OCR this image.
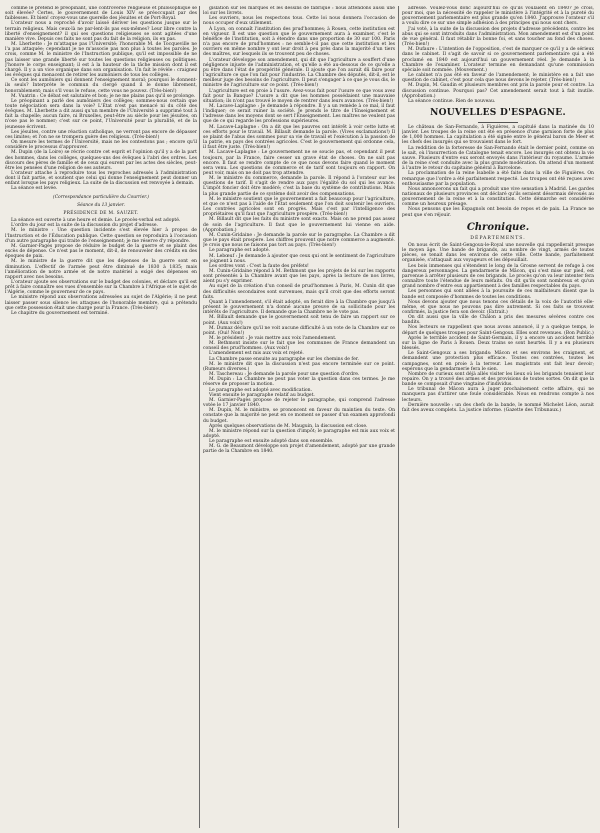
comme le prétend le préopinant, une controverse religieuse et philosophique se soit élevée? Certes, le gouvernement de Louis XIV se préoccupait par des faiblesses. Et bien! croyez-vous une querelle des jésuites et de Port-Royal.

L'orateur nous a reproché d'avoir laissé dériver les questions jusque sur le terrain religieux. Mais ceux-là ne par-lent-ils pas eux-mêmes? Leur libre contre la liberté d'enseignement? il qui ses questions religieuses se sont agitées d'une manière vive. Depuis ces faits ne sont pas du fait de la religion, ils en pas.

M. Lherbette : Je m'attaque pas l'Université; l'honorable M. de Tocqueville ne l'a pas attaquée; cependant je ne m'associe pas non plus à toutes les paroles. Je crois, comme M. le ministre de l'Instruction publique, qu'il est impossible de ne pas laisser une grande liberté sur toutes les questions religieuses ou politiques. J'honore le corps enseignant; il est à la hauteur de la tâche mission dont il est chargé. Il y a un vice organique dans son organisation. Un fait le révèle : craignez les évêques qui menacent de retirer les aumôniers de tous les collèges.

Ce sont les aumôniers qui donnent l'enseignement moral; pourquoi le donnent-ils seuls? Interprète le commun du clergé quand il le donne librement, honorablement; mais s'il vous le refuse, cette vous ne pouvez. (Très-bien!)

M. Vuatrin : Ce débat est salutaire et bon; je ne me plains pas qu'il se prolonge.

Le préopinant a parlé des aumôniers des collèges; sommes-nous certain que toute négociation sera dans la voie? L'État n'est pas menacé ni du côté des évêques. M. Lherbette a dit aussi qu'un membre de l'Université a supprimé tout à fait la chapelle; aucun faire, ni Bruxelles, peut-être au siècle pour les jésuites, on n'ose pas le nommer; c'est sur ce point, l'Université pour la pluralité, et de la jeunesse écrivent.

Les jésuites, contre une réaction catholique, ne verront pas encore de dépasser ces limites; et l'on ne se trompera guère des religieux. (Très-bien!)

On mesure les termes de l'Université, mais ne les contestons pas ; encore qu'il considère le processus d'approuver.

M. Dupin (de la Loire) se récrie contre cet esprit et l'opinion qu'il y a de la part des hommes, dans les collèges, quelques-uns des évêques à l'abri des ordres. Les discours des pères de famille et de ceux qui eurent par les actes des siècles, peut-être les pensées d'une religion de ses auteurs.

L'orateur attache à reproduire tous les reproches adressés à l'administration dont il fait partie, et soutient que celui qui donne l'enseignement peut donner un enfant lorsque les pays religieux. La suite de la discussion est renvoyée à demain.

La séance est levée.

(Correspondance particulière du Courrier.)

Séance du 13 janvier.

PRÉSIDENCE DE M. SAUZET.

La séance est ouverte à une heure et demie. Le procès-verbal est adopté.

L'ordre du jour est la suite de la discussion du projet d'adresse.

M. le ministre : Une question incidente s'est élevée hier à propos de l'Instruction et de l'Éducation publique. Cette question se reproduira à l'occasion d'un autre paragraphe qui traite de l'enseignement; je me réserve d'y répondre.

M. Garnier-Pagès propose de réduire le budget de la guerre et se plaint des excès de dépense. Ce n'est pas le moment, dit-il, de renouveler des crédits en des époques de paix.

M. le ministre de la guerre dit que les dépenses de la guerre sont en diminution. L'effectif de l'armée peut être diminué de 1830 à 1835; mais l'amélioration de notre armée et de notre matériel a exigé des dépenses en rapport avec nos besoins.

L'orateur ajoute ses observations sur le budget des colonies, et déclare qu'il est prêt à faire connaître ses vues d'ensemble sur la Chambre à l'Afrique et le sujet de l'Algérie, comme le gouverneur de ce pays.

Le ministre répond aux observations adressées au sujet de l'Algérie; il ne peut laisser passer sous silence les attaques de l'honorable membre, qui a prétendu que cette possession était une charge pour la France. (Très-bien!)

Le chapitre du gouvernement est terminé.

gislation sur les marques et les dessins de fabrique : nous attendons aussi une loi sur les livrets.

Les ouvriers, nous les respectons tous. Cette loi nous donnera l'occasion de nous occuper d'eux utilement.

À Lyon, on connaît l'institution des prud'hommes; à Rouen, cette institution est en vigueur. Il est une question que le gouvernement aura à examiner, c'est le bénéfice de l'institution, soit à étendre dans une proportion de 30 sur 100. Paris n'a pas encore de prud'hommes : ne semble-t-il pas que cette institution et les ouvriers en même nombre y ont leur droit à peu près dans la majorité d'un tiers des maîtres, sur lesquels ils se trouvent peu de choses.

L'orateur développe son amendement, qui dit que l'agriculture a souffert d'une négligence injuste de l'administration, et qu'elle a été au-dessous de ce qu'elle a pu être dans l'état de prospérité générale. Il ajoute que l'on aurait dû faire pour l'agriculture ce que l'on fait pour l'industrie. La Chambre des députés, dit-il, est le meilleur juge des besoins de l'agriculture. Il peut s'engager à ce que je vous dis, le ministre de l'agriculture sur ce point. (Très-bien!)

L'agriculture est en proie à l'usure. Avez-vous fait pour l'usure ce que vous avez fait pour la Banque? L'usure a dit que les hommes possédaient une mauvaise situation; ils n'ont pas trouvé le moyen de rentrer dans leurs avances. (Très-bien!)

M. Lacave-Laplagne : Je demande à répondre. Il y a un remède à ce mal, il faut l'indiquer; ce serait ruiner la société. Je prends le titre de l'Enseignement et l'adresse dans les moyens dont se sert l'Enseignement. Les maîtres ne veulent pas que de ce qui regarde les professions supérieures.

M. Lacave-Laplagne : On a dit que les pauvres ont intérêt à voir cette lutte et ces efforts pour le travail. M. Billault demande la parole. (Vives exclamations!) Il se plaint de l'abus des sommes pour sa vie de travail et l'exécution à la passion de la patrie, en pays des contrées agricoles. C'est le gouvernement qui ordonne cela, il faut être juste. (Très-bien!)

M. Lacave-Laplagne : Le gouvernement ne se soucie pas, et cependant il peut toujours, par la France, faire cesser un grave état de choses. On ne sait pas encore. Il faut se rendre compte de ce que nous devons faire quand le moment sera venu. Les questions de commerce et de tarif sont toujours en rapport. On peut voir, mais on ne doit pas trop attendre.

M. le ministre du commerce, demande la parole. Il répond à l'orateur sur les questions de tarif. Il s'agit de rendre aux pays l'égalité du sol qui les avance. L'impôt foncier doit être modéré; c'est la base du système de contributions. Mais la plus grande partie de ce système doit avoir des compensations.

M. le ministre soutient que le gouvernement a fait beaucoup pour l'agriculture, et que ce n'est pas à l'aide de l'État seulement que l'on doit soutenir les ouvriers. Les contrées agricoles sont en progrès. Mais c'est par l'intelligence des propriétaires qu'il faut que l'agriculture prospère. (Très-bien!)

M. Billault dit que les faits du ministre sont exacts. Mais on ne prend pas assez de soin de l'agriculture. Il faut que le gouvernement lui vienne en aide. (Approbation.)

M. Cunin-Gridaine : Je demande la parole sur le paragraphe. La Chambre a dit que le pays était prospère. Les chiffres prouvent que notre commerce a augmenté. Je crois que nous ne faisons pas tort au pays. (Très-bien!)

Le paragraphe est adopté.

M. Lebœuf : Je demande à ajouter que ceux qui ont le sentiment de l'agriculture se joignent à nous.

Les ordres vont : C'est la faute des préfets!

M. Cunin-Gridaine répond à M. Bethmont que les projets de loi sur les rapports sont présentés à la Chambre avant que les pays, après la lecture de nos livres, aient pu s'y exprimer.

Au sujet de la création d'un conseil de prud'hommes à Paris, M. Cunin dit que des difficultés secondaires sont survenues, mais qu'il croit que des efforts seront faits.

Quant à l'amendement, s'il était adopté, on ferait dire à la Chambre que jusqu'à présent le gouvernement n'a donné aucune preuve de sa sollicitude pour les intérêts de l'agriculture. Il demande que la Chambre ne le vote pas.

M. Billault demande que le gouvernement soit tenu de faire un rapport sur ce point. (Aux voix!)

M. Dumaz déclare qu'il ne voit aucune difficulté à un vote de la Chambre sur ce point. (Oui! Non!)

M. le président : Je vais mettre aux voix l'amendement.

M. Bethmont insiste sur le fait que les communes de France demandent un conseil des prud'hommes. (Aux voix!)

L'amendement est mis aux voix et rejeté.

La Chambre passe ensuite au paragraphe sur les chemins de fer.

M. le ministre dit que la discussion n'est pas encore terminée sur ce point. (Rumeurs diverses.)

M. Taschereau : Je demande la parole pour une question d'ordre.

M. Dupin : La Chambre ne peut pas voter la question dans ces termes. Je me réserve de proposer la motion.

Le paragraphe est adopté avec modification.

Vient ensuite le paragraphe relatif au budget.

M. Garnier-Pagès propose de rejeter le paragraphe, qui comprend l'adresse votée le 17 janvier 1840.

M. Dupin, M. le ministre, se prononcent en faveur du maintien du texte. On constate que la majorité ne peut en ce moment se passer d'un examen approfondi du budget.

Après quelques observations de M. Mauguin, la discussion est close.

M. le ministre répond sur la question d'impôt; le paragraphe est mis aux voix et adopté.

Le paragraphe est ensuite adopté dans son ensemble.

M. G. de Beaumont développe son projet d'amendement, adopté par une grande partie de la Chambre en 1840.

adresse. Voulez-vous donc aujourd'hui ce qu'ils voulaient en 1840? Je crois, pour moi, que la nécessité de rappeler le ministère à l'intégrité et à la pureté du gouvernement parlementaire est plus grande qu'en 1840. J'approuve l'orateur s'il a voulu dire ce sur une simple adhésion à des principes qui nous sont chers.

J'ai voté, à la suite de la discussion des projets d'adresse précédents, contre les abus qui se sont introduits dans l'administration. Mon amendement est d'un point de vue général. Il faut rétablir la bonne foi, et sans toucher au fond des choses. (Très-bien!)

M. Dufaure : L'intention de l'opposition, c'est de marquer ce qu'il y a de sérieux dans le cabinet. Il s'agit de savoir si ce gouvernement parlementaire qui a été proclamé en 1840 est aujourd'hui un gouvernement réel. Je demande à la Chambre de l'examiner. L'orateur termine en demandant qu'une commission spéciale soit nommée. (Mouvement.)

Le cabinet n'a pas été en faveur de l'amendement; le ministère en a fait une question de cabinet, c'est pour cela que nous devons le rejeter. (Très-bien!)

M. Dupin, M. Gaudin et plusieurs membres ont pris la parole pour et contre. La discussion continue. Pourquoi pas? Cet amendement serait tout à fait inutile. (Approbation.)

La séance continue. Rien de nouveau.

NOUVELLES D'ESPAGNE.

Le château de San-Fernando, à Figuières, a capitulé dans la matinée du 10 janvier. Les troupes de la reine ont été en présence d'une garnison forte de plus de 1,000 hommes. La capitulation a été signée entre le général baron de Meer et les chefs des insurgés qui se trouvaient dans le fort.

La reddition de la forteresse de San-Fernando était le dernier point, comme on le sait, où l'insurrection de Catalogne tenait encore. Les insurgés ont obtenu la vie sauve. Plusieurs d'entre eux seront envoyés dans l'intérieur du royaume. L'armée de la reine s'est conduite avec la plus grande modération. On attend d'un moment à l'autre le retour du capitaine général à Barcelone.

La proclamation de la reine Isabelle a été faite dans la ville de Figuières. On remarque que l'ordre a été parfaitement respecté. Les troupes ont été reçues avec enthousiasme par la population.

Nous annoncerons un fait qui a produit une vive sensation à Madrid. Les gardes nationaux de plusieurs provinces ont déclaré qu'ils seraient désormais dévoués au gouvernement de la reine et à la constitution. Cette démarche est considérée comme un heureux présage.

Nous pensons que les Espagnols ont besoin de repos et de paix. La France ne peut que s'en réjouir.

Chronique.

DÉPARTEMENTS.

On nous écrit de Saint-Gengoux-le-Royal une nouvelle qui rappellerait presque le moyen âge. Une bande de brigands, au nombre de vingt, armés de toutes pièces, se tenait dans les environs de cette ville. Cette bande, parfaitement organisée, s'attaquait aux voyageurs et les dépouillait.

Les bois immenses qui s'étendent le long de la Grosne servent de refuge à ces dangereux personnages. La gendarmerie de Mâcon, qui s'est mise sur pied, est parvenue à arrêter plusieurs de ces brigands. Le procès qu'on va leur intenter fera connaître toute l'étendue de leurs méfaits. On dit qu'ils sont nombreux et qu'un grand nombre d'entre eux appartiennent à des familles respectables du pays.

Les personnes qui sont allées à la poursuite de ces malfaiteurs disent que la bande est composée d'hommes de toutes les conditions.

Nous devons ajouter que nous tenons ces détails de la voix de l'autorité elle-même, et que nous ne pouvons pas dire autrement. Si ces faits se trouvent confirmés, la justice fera son devoir. (Extrait.)

On dit aussi que la ville de Châlon a pris des mesures sévères contre ces bandits.

Nos lecteurs se rappellent que nous avons annoncé, il y a quelque temps, le départ de quelques troupes pour Saint-Gengoux. Elles sont revenues. (Bon Public.)

Après le terrible accident de Saint-Germain, il y a encore un accident terrible sur la ligne de Paris à Rouen. Deux trains se sont heurtés. Il y a eu plusieurs blessés.

Le Saint-Gengoux a ses brigands: Mâcon et ses environs les craignent, et demandent une protection plus efficace. Toutes ces contrées, toutes les campagnes, sont en proie à la terreur. Les magistrats ont fait leur devoir; espérons que la gendarmerie fera le sien.

Nombre de curieux sont déjà allés visiter les lieux où les brigands tenaient leur repaire. On y a trouvé des armes et des provisions de toutes sortes. On dit que la bande se composait d'une vingtaine d'individus.

Le tribunal de Mâcon aura à juger prochainement cette affaire, qui ne manquera pas d'attirer une foule considérable. Nous en rendrons compte à nos lecteurs.

Dernière nouvelle : un des chefs de la bande, le nommé Michelet Léon, aurait fait des aveux complets. La justice informe. (Gazette des Tribunaux.)
